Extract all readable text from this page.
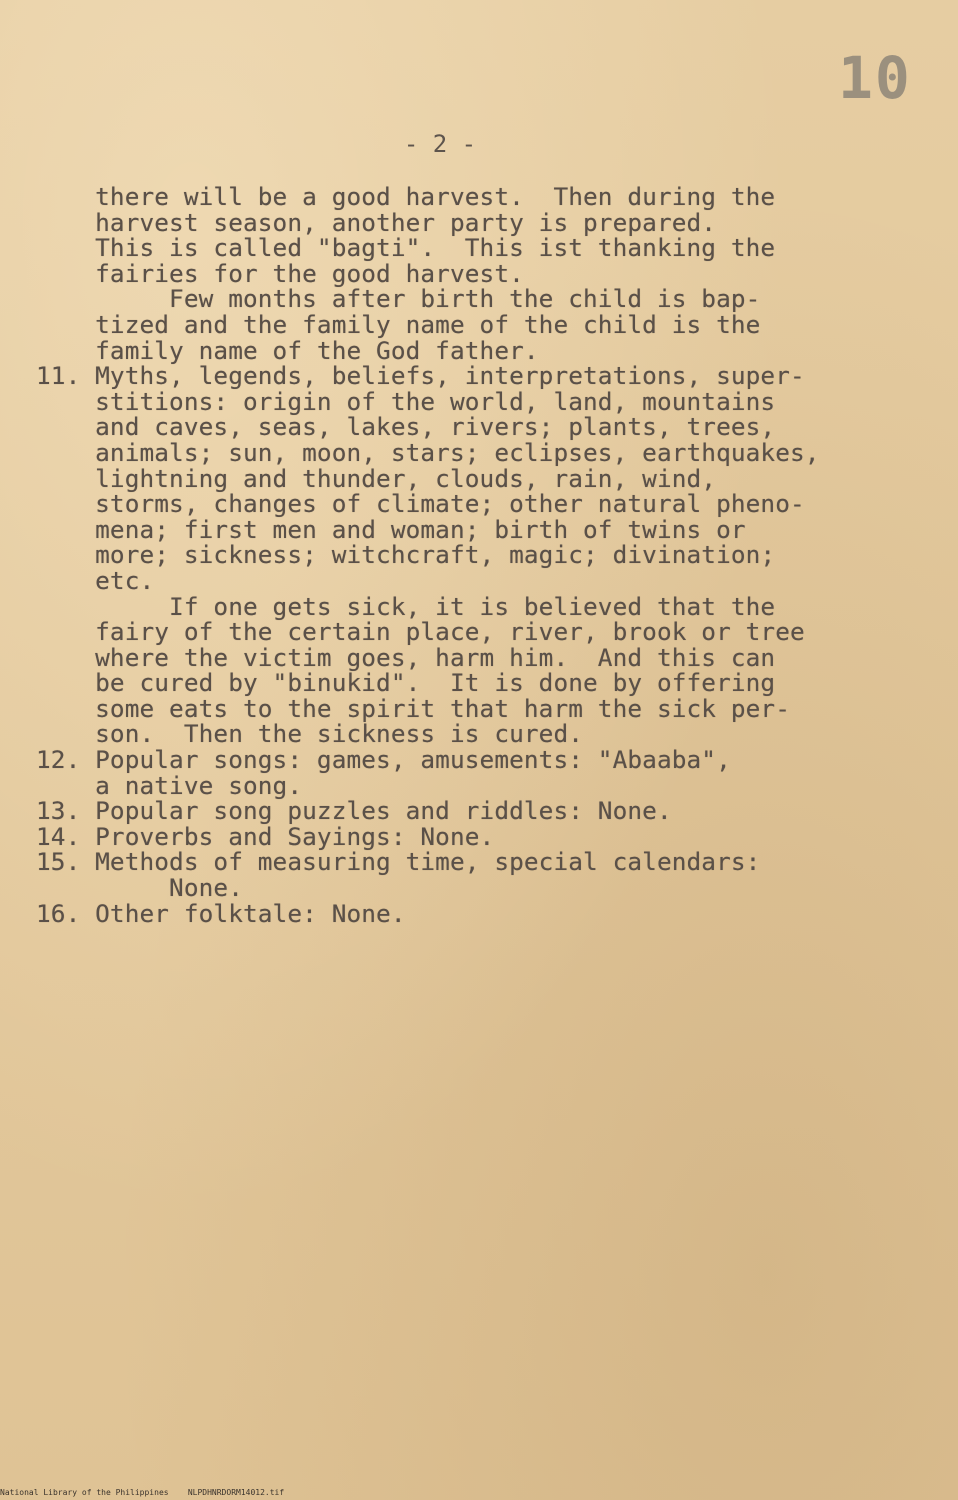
10
- 2 -
there will be a good harvest.  Then during the
harvest season, another party is prepared.
This is called "bagti".  This ist thanking the
fairies for the good harvest.
Few months after birth the child is bap-
tized and the family name of the child is the
family name of the God father.
11. Myths, legends, beliefs, interpretations, super-
stitions: origin of the world, land, mountains
and caves, seas, lakes, rivers; plants, trees,
animals; sun, moon, stars; eclipses, earthquakes,
lightning and thunder, clouds, rain, wind,
storms, changes of climate; other natural pheno-
mena; first men and woman; birth of twins or
more; sickness; witchcraft, magic; divination;
etc.
If one gets sick, it is believed that the
fairy of the certain place, river, brook or tree
where the victim goes, harm him.  And this can
be cured by "binukid".  It is done by offering
some eats to the spirit that harm the sick per-
son.  Then the sickness is cured.
12. Popular songs: games, amusements: "Abaaba",
a native song.
13. Popular song puzzles and riddles: None.
14. Proverbs and Sayings: None.
15. Methods of measuring time, special calendars:
None.
16. Other folktale: None.
National Library of the Philippines    NLPDHNRDORM14012.tif
